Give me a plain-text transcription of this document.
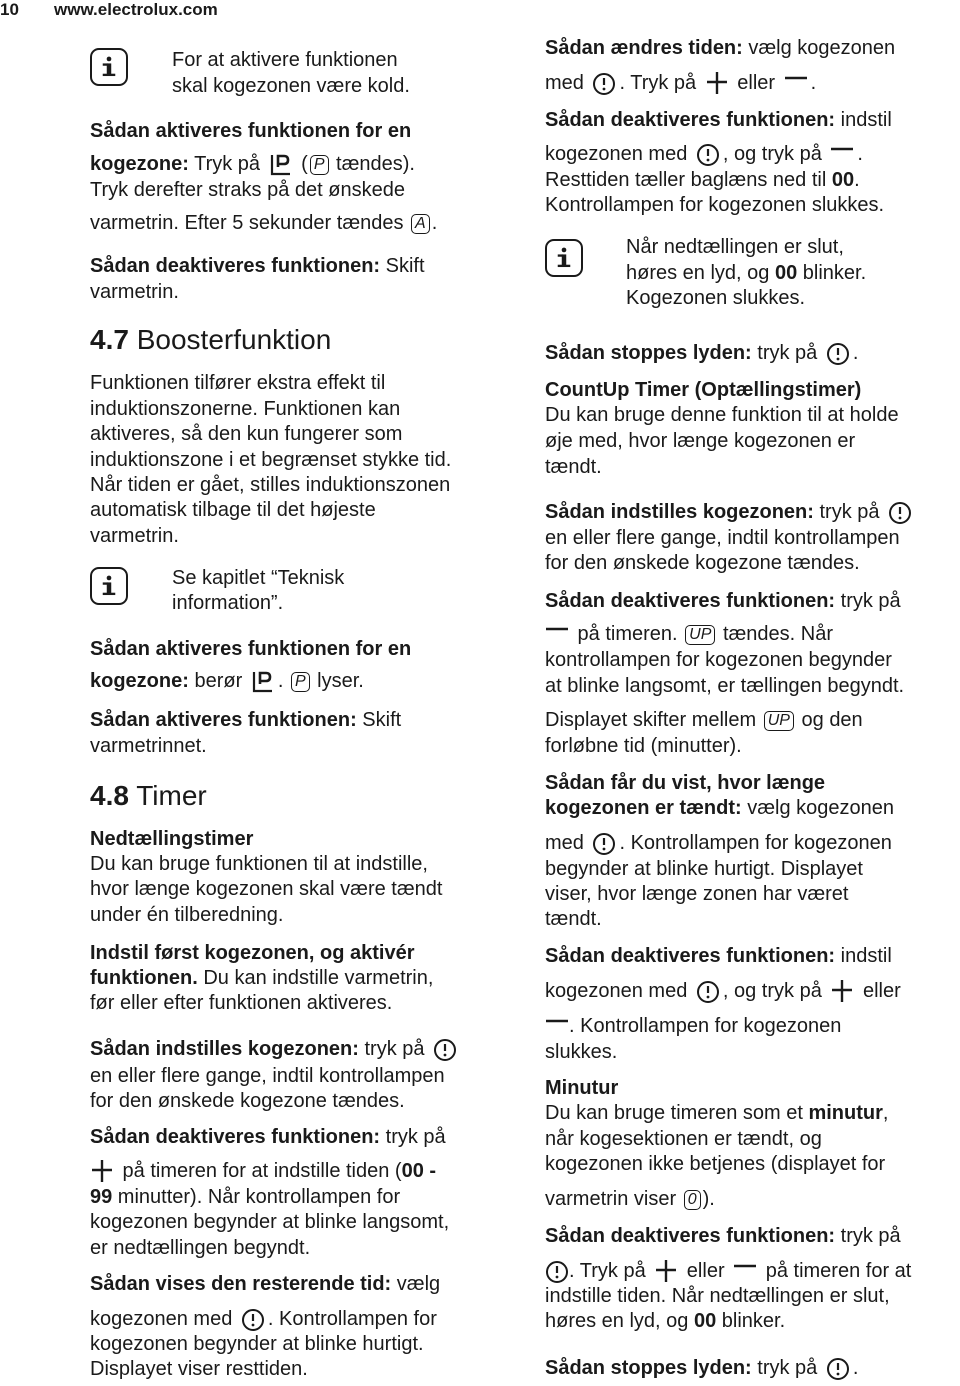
10 www.electrolux.com

For at aktivere funktionen

skal kogezonen være kold.

Sådan aktiveres funktionen for en

kogezone: Tryk på
( P tændes).

Tryk derefter straks på det ønskede

varmetrin. Efter 5 sekunder tændes A .

Sådan deaktiveres funktionen: Skift

varmetrin.

4.7 Boosterfunktion

Funktionen tilfører ekstra effekt til

induktionszonerne. Funktionen kan

aktiveres, så den kun fungerer som

induktionszone i et begrænset stykke tid.

Når tiden er gået, stilles induktionszonen

automatisk tilbage til det højeste

varmetrin.

Se kapitlet “Teknisk

information”.

Sådan aktiveres funktionen for en

kogezone: berør
. P lyser.

Sådan aktiveres funktionen: Skift

varmetrinnet.

4.8 Timer

Nedtællingstimer

Du kan bruge funktionen til at indstille,

hvor længe kogezonen skal være tændt

under én tilberedning.

Indstil først kogezonen, og aktivér

funktionen. Du kan indstille varmetrin,

før eller efter funktionen aktiveres.

Sådan indstilles kogezonen: tryk på

en eller flere gange, indtil kontrollampen

for den ønskede kogezone tændes.

Sådan deaktiveres funktionen: tryk på

på timeren for at indstille tiden (00 -

99 minutter). Når kontrollampen for

kogezonen begynder at blinke langsomt,

er nedtællingen begyndt.

Sådan vises den resterende tid: vælg

kogezonen med
. Kontrollampen for

kogezonen begynder at blinke hurtigt.

Displayet viser resttiden.

Sådan ændres tiden: vælg kogezonen

med
. Tryk på
eller
.

Sådan deaktiveres funktionen: indstil

kogezonen med
, og tryk på
.

Resttiden tæller baglæns ned til 00.

Kontrollampen for kogezonen slukkes.

Når nedtællingen er slut,

høres en lyd, og 00 blinker.

Kogezonen slukkes.

Sådan stoppes lyden: tryk på
.

CountUp Timer (Optællingstimer)

Du kan bruge denne funktion til at holde

øje med, hvor længe kogezonen er

tændt.

Sådan indstilles kogezonen: tryk på

en eller flere gange, indtil kontrollampen

for den ønskede kogezone tændes.

Sådan deaktiveres funktionen: tryk på

på timeren. UP tændes. Når

kontrollampen for kogezonen begynder

at blinke langsomt, er tællingen begyndt.

Displayet skifter mellem UP og den

forløbne tid (minutter).

Sådan får du vist, hvor længe

kogezonen er tændt: vælg kogezonen

med
. Kontrollampen for kogezonen

begynder at blinke hurtigt. Displayet

viser, hvor længe zonen har været

tændt.

Sådan deaktiveres funktionen: indstil

kogezonen med
, og tryk på
eller

. Kontrollampen for kogezonen

slukkes.

Minutur

Du kan bruge timeren som et minutur,

når kogesektionen er tændt, og

kogezonen ikke betjenes (displayet for

varmetrin viser 0 ).

Sådan deaktiveres funktionen: tryk på

. Tryk på
eller
på timeren for at

indstille tiden. Når nedtællingen er slut,

høres en lyd, og 00 blinker.

Sådan stoppes lyden: tryk på
.
